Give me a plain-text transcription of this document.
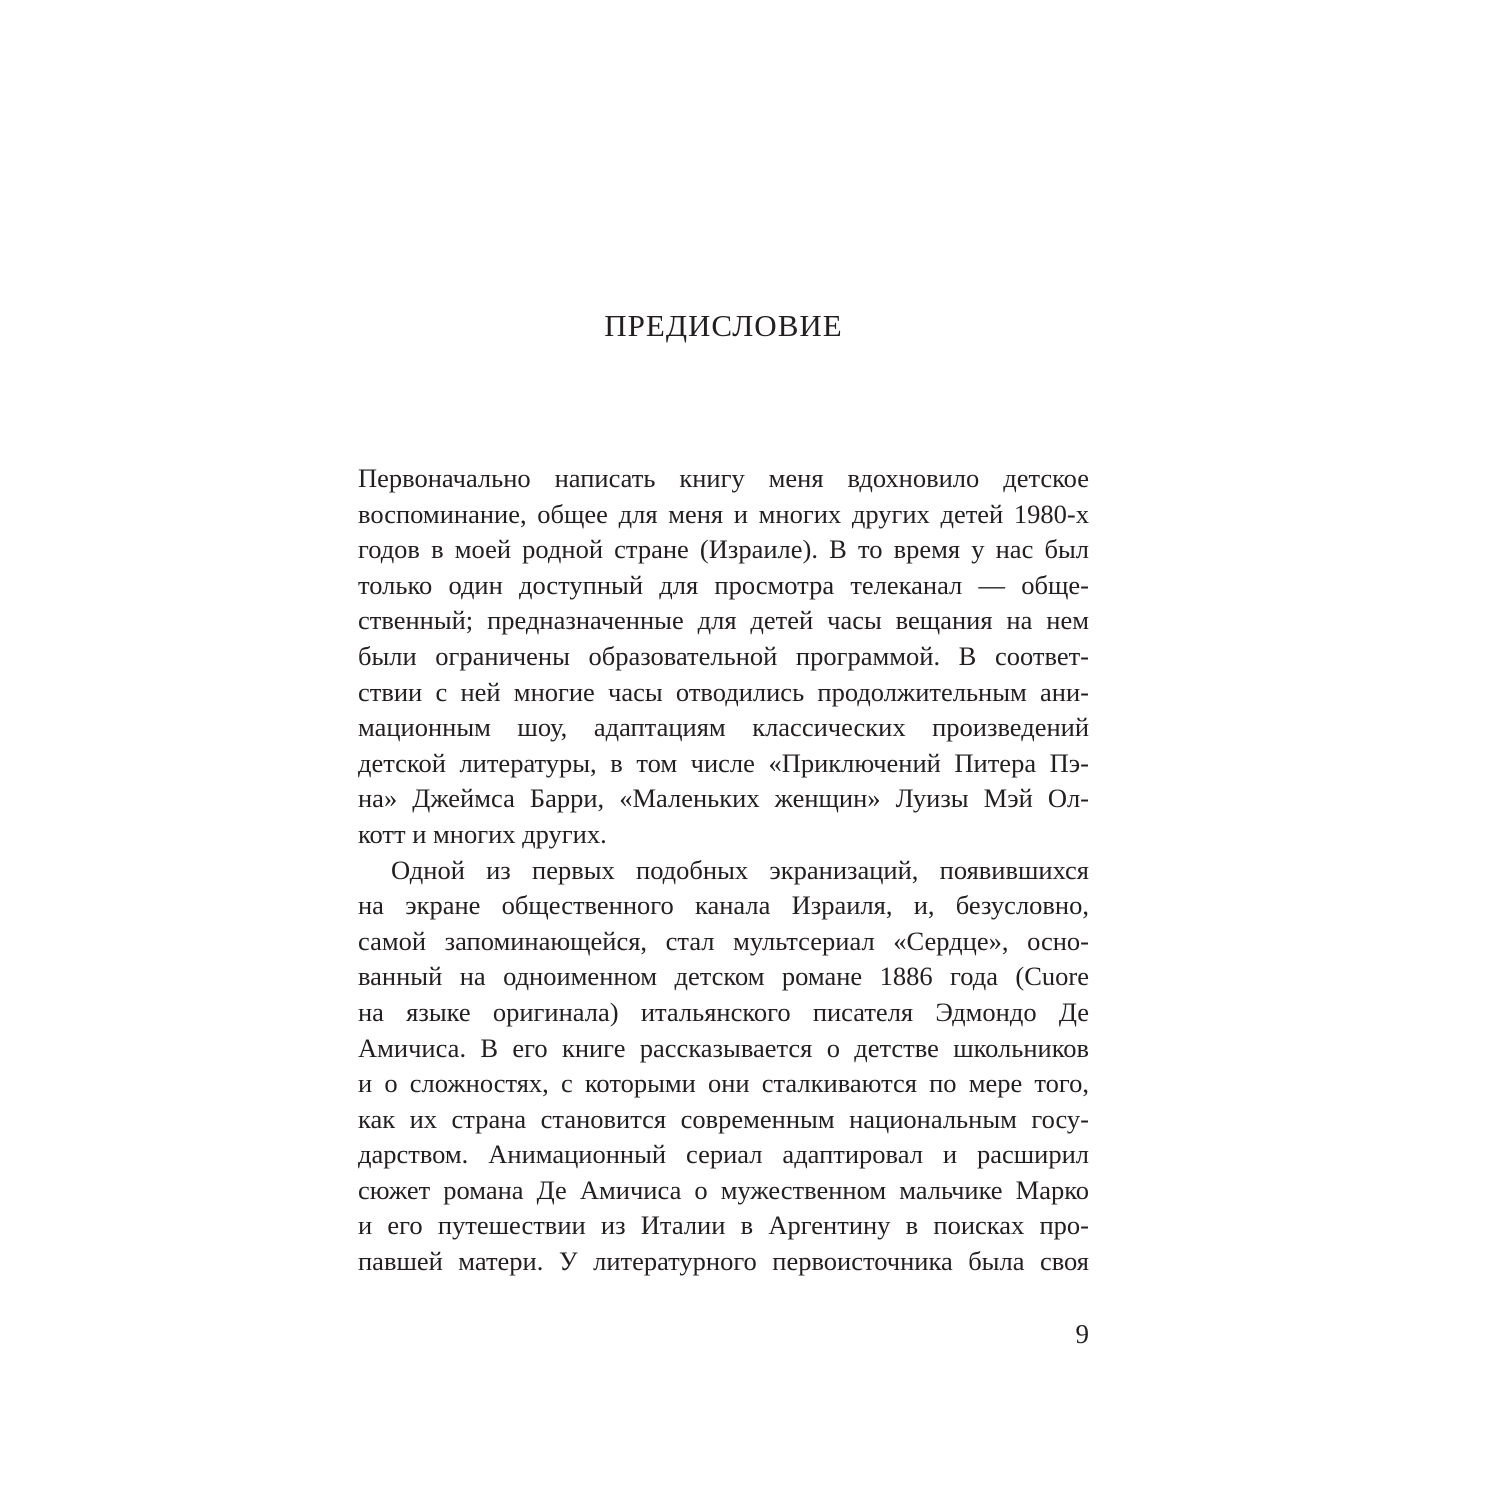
ПРЕДИСЛОВИЕ
Первоначально написать книгу меня вдохновило детское
воспоминание, общее для меня и многих других детей 1980-х
годов в моей родной стране (Израиле). В то время у нас был
только один доступный для просмотра телеканал — обще-
ственный; предназначенные для детей часы вещания на нем
были ограничены образовательной программой. В соответ-
ствии с ней многие часы отводились продолжительным ани-
мационным шоу, адаптациям классических произведений
детской литературы, в том числе «Приключений Питера Пэ-
на» Джеймса Барри, «Маленьких женщин» Луизы Мэй Ол-
котт и многих других.
Одной из первых подобных экранизаций, появившихся
на экране общественного канала Израиля, и, безусловно,
самой запоминающейся, стал мультсериал «Сердце», осно-
ванный на одноименном детском романе 1886 года (Cuore
на языке оригинала) итальянского писателя Эдмондо Де
Амичиса. В его книге рассказывается о детстве школьников
и о сложностях, с которыми они сталкиваются по мере того,
как их страна становится современным национальным госу-
дарством. Анимационный сериал адаптировал и расширил
сюжет романа Де Амичиса о мужественном мальчике Марко
и его путешествии из Италии в Аргентину в поисках про-
павшей матери. У литературного первоисточника была своя
9
